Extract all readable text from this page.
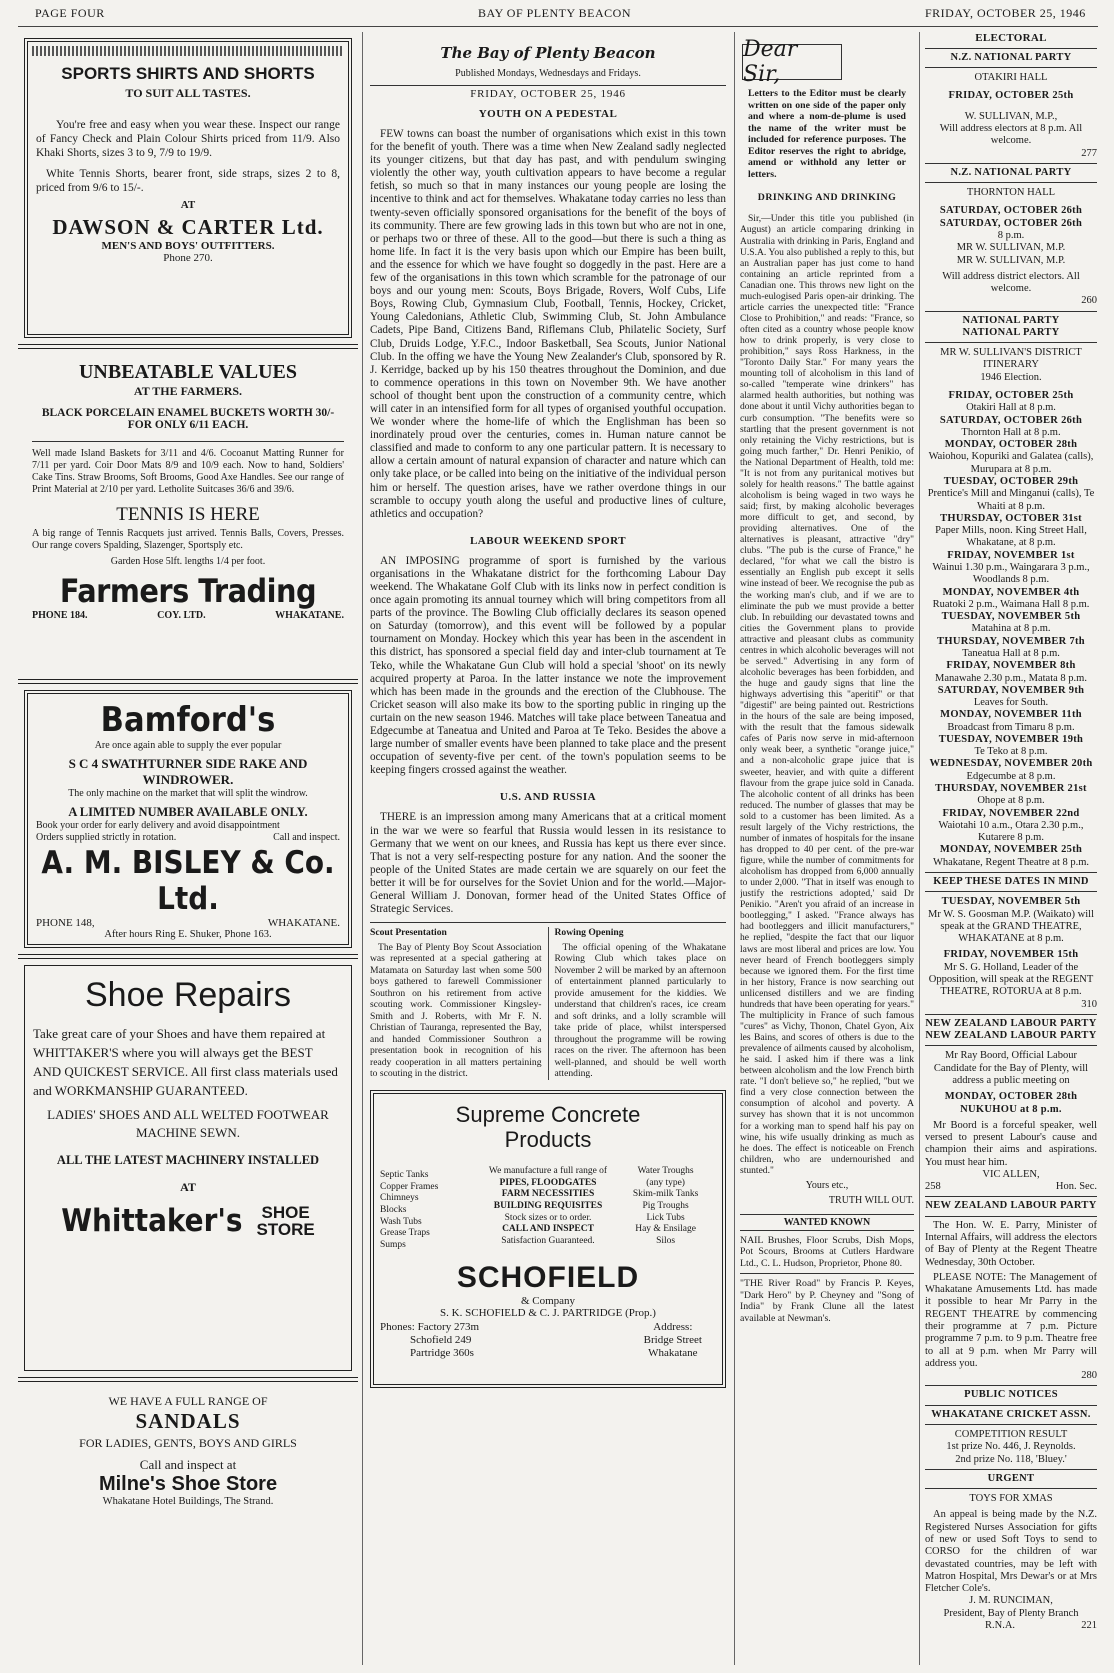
PAGE FOUR	BAY OF PLENTY BEACON	FRIDAY, OCTOBER 25, 1946
SPORTS SHIRTS AND SHORTS
TO SUIT ALL TASTES.
You're free and easy when you wear these. Inspect our range of Fancy Check and Plain Colour Shirts priced from 11/9. Also Khaki Shorts, sizes 3 to 9, 7/9 to 19/9.
White Tennis Shorts, bearer front, side straps, sizes 2 to 8, priced from 9/6 to 15/-.
AT
DAWSON & CARTER Ltd.
MEN'S AND BOYS' OUTFITTERS.
Phone 270.
UNBEATABLE VALUES
AT THE FARMERS.
BLACK PORCELAIN ENAMEL BUCKETS WORTH 30/- FOR ONLY 6/11 EACH.
Well made Island Baskets for 3/11 and 4/6. Cocoanut Matting Runner for 7/11 per yard. Coir Door Mats 8/9 and 10/9 each. Now to hand, Soldiers' Cake Tins. Straw Brooms, Soft Brooms, Good Axe Handles. See our range of Print Material at 2/10 per yard. Letholite Suitcases 36/6 and 39/6.
TENNIS IS HERE
A big range of Tennis Racquets just arrived. Tennis Balls, Covers, Presses. Our range covers Spalding, Slazenger, Sportsply etc.
Garden Hose 5lft. lengths 1/4 per foot.
Farmers Trading
PHONE 184.	COY. LTD.	WHAKATANE.
Bamford's
Are once again able to supply the ever popular
S C 4 SWATHTURNER SIDE RAKE AND WINDROWER.
The only machine on the market that will split the windrow.
A LIMITED NUMBER AVAILABLE ONLY.
Book your order for early delivery and avoid disappointment
Orders supplied strictly in rotation.	Call and inspect.
A. M. BISLEY & Co. Ltd.
PHONE 148,	WHAKATANE.
After hours Ring E. Shuker, Phone 163.
Shoe Repairs
Take great care of your Shoes and have them repaired at WHITTAKER'S where you will always get the BEST AND QUICKEST SERVICE. All first class materials used and WORKMANSHIP GUARANTEED.
LADIES' SHOES AND ALL WELTED FOOTWEAR MACHINE SEWN.
ALL THE LATEST MACHINERY INSTALLED
AT
Whittaker's SHOE
STORE
WE HAVE A FULL RANGE OF
SANDALS
FOR LADIES, GENTS, BOYS AND GIRLS
Call and inspect at
Milne's Shoe Store
Whakatane Hotel Buildings, The Strand.
The Bay of Plenty Beacon
Published Mondays, Wednesdays and Fridays.
FRIDAY, OCTOBER 25, 1946
YOUTH ON A PEDESTAL

FEW towns can boast the number of organisations which exist in this town for the benefit of youth. There was a time when New Zealand sadly neglected its younger citizens, but that day has past, and with pendulum swinging violently the other way, youth cultivation appears to have become a regular fetish, so much so that in many instances our young people are losing the incentive to think and act for themselves. Whakatane today carries no less than twenty-seven officially sponsored organisations for the benefit of the boys of its community. There are few growing lads in this town but who are not in one, or perhaps two or three of these. All to the good—but there is such a thing as home life. In fact it is the very basis upon which our Empire has been built, and the essence for which we have fought so doggedly in the past. Here are a few of the organisations in this town which scramble for the patronage of our boys and our young men: Scouts, Boys Brigade, Rovers, Wolf Cubs, Life Boys, Rowing Club, Gymnasium Club, Football, Tennis, Hockey, Cricket, Young Caledonians, Athletic Club, Swimming Club, St. John Ambulance Cadets, Pipe Band, Citizens Band, Riflemans Club, Philatelic Society, Surf Club, Druids Lodge, Y.F.C., Indoor Basketball, Sea Scouts, Junior National Club. In the offing we have the Young New Zealander's Club, sponsored by R. J. Kerridge, backed up by his 150 theatres throughout the Dominion, and due to commence operations in this town on November 9th. We have another school of thought bent upon the construction of a community centre, which will cater in an intensified form for all types of organised youthful occupation. We wonder where the home-life of which the Englishman has been so inordinately proud over the centuries, comes in. Human nature cannot be classified and made to conform to any one particular pattern. It is necessary to allow a certain amount of natural expansion of character and nature which can only take place, or be called into being on the initiative of the individual person him or herself. The question arises, have we rather overdone things in our scramble to occupy youth along the useful and productive lines of culture, athletics and occupation?

LABOUR WEEKEND SPORT

AN IMPOSING programme of sport is furnished by the various organisations in the Whakatane district for the forthcoming Labour Day weekend. The Whakatane Golf Club with its links now in perfect condition is once again promoting its annual tourney which will bring competitors from all parts of the province. The Bowling Club officially declares its season opened on Saturday (tomorrow), and this event will be followed by a popular tournament on Monday. Hockey which this year has been in the ascendent in this district, has sponsored a special field day and inter-club tournament at Te Teko, while the Whakatane Gun Club will hold a special 'shoot' on its newly acquired property at Paroa. In the latter instance we note the improvement which has been made in the grounds and the erection of the Clubhouse. The Cricket season will also make its bow to the sporting public in ringing up the curtain on the new season 1946. Matches will take place between Taneatua and Edgecumbe at Taneatua and United and Paroa at Te Teko. Besides the above a large number of smaller events have been planned to take place and the present occupation of seventy-five per cent. of the town's population seems to be keeping fingers crossed against the weather.

U.S. AND RUSSIA

THERE is an impression among many Americans that at a critical moment in the war we were so fearful that Russia would lessen in its resistance to Germany that we went on our knees, and Russia has kept us there ever since. That is not a very self-respecting posture for any nation. And the sooner the people of the United States are made certain we are squarely on our feet the better it will be for ourselves for the Soviet Union and for the world.—Major-General William J. Donovan, former head of the United States Office of Strategic Services.

Scout Presentation
The Bay of Plenty Boy Scout Association was represented at a special gathering at Matamata on Saturday last when some 500 boys gathered to farewell Commissioner Southron on his retirement from active scouting work. Commissioner Kingsley-Smith and J. Roberts, with Mr F. N. Christian of Tauranga, represented the Bay, and handed Commissioner Southron a presentation book in recognition of his ready cooperation in all matters pertaining to scouting in the district.
Rowing Opening
The official opening of the Whakatane Rowing Club which takes place on November 2 will be marked by an afternoon of entertainment planned particularly to provide amusement for the kiddies. We understand that children's races, ice cream and soft drinks, and a lolly scramble will take pride of place, whilst interspersed throughout the programme will be rowing races on the river. The afternoon has been well-planned, and should be well worth attending.
Supreme Concrete
Products
Septic Tanks
Copper Frames
Chimneys
Blocks
Wash Tubs
Grease Traps
Sumps
We manufacture a full range of
PIPES, FLOODGATES
FARM NECESSITIES
BUILDING REQUISITES
Stock sizes or to order.
CALL AND INSPECT
Satisfaction Guaranteed.
Water Troughs
(any type)
Skim-milk Tanks
Pig Troughs
Lick Tubs
Hay & Ensilage
Silos
SCHOFIELD
& Company
S. K. SCHOFIELD & C. J. PARTRIDGE (Prop.)
Phones: Factory 273m
Schofield 249
Partridge 360s
Address:
Bridge Street
Whakatane
Dear Sir,
Letters to the Editor must be clearly written on one side of the paper only and where a nom-de-plume is used the name of the writer must be included for reference purposes. The Editor reserves the right to abridge, amend or withhold any letter or letters.
DRINKING AND DRINKING
Sir,—Under this title you published (in August) an article comparing drinking in Australia with drinking in Paris, England and U.S.A. You also published a reply to this, but an Australian paper has just come to hand containing an article reprinted from a Canadian one. This throws new light on the much-eulogised Paris open-air drinking. The article carries the unexpected title: "France Close to Prohibition," and reads: "France, so often cited as a country whose people know how to drink properly, is very close to prohibition," says Ross Harkness, in the "Toronto Daily Star." For many years the mounting toll of alcoholism in this land of so-called "temperate wine drinkers" has alarmed health authorities, but nothing was done about it until Vichy authorities began to curb consumption. "The benefits were so startling that the present government is not only retaining the Vichy restrictions, but is going much farther," Dr. Henri Penikio, of the National Department of Health, told me: "It is not from any puritanical motives but solely for health reasons." The battle against alcoholism is being waged in two ways he said; first, by making alcoholic beverages more difficult to get, and second, by providing alternatives. One of the alternatives is pleasant, attractive "dry" clubs. "The pub is the curse of France," he declared, "for what we call the bistro is essentially an English pub except it sells wine instead of beer. We recognise the pub as the working man's club, and if we are to eliminate the pub we must provide a better club. In rebuilding our devastated towns and cities the Government plans to provide attractive and pleasant clubs as community centres in which alcoholic beverages will not be served." Advertising in any form of alcoholic beverages has been forbidden, and the huge and gaudy signs that line the highways advertising this "aperitif" or that "digestif" are being painted out. Restrictions in the hours of the sale are being imposed, with the result that the famous sidewalk cafes of Paris now serve in mid-afternoon only weak beer, a synthetic "orange juice," and a non-alcoholic grape juice that is sweeter, heavier, and with quite a different flavour from the grape juice sold in Canada. The alcoholic content of all drinks has been reduced. The number of glasses that may be sold to a customer has been limited. As a result largely of the Vichy restrictions, the number of inmates of hospitals for the insane has dropped to 40 per cent. of the pre-war figure, while the number of commitments for alcoholism has dropped from 6,000 annually to under 2,000. "That in itself was enough to justify the restrictions adopted,' said Dr Penikio. "Aren't you afraid of an increase in bootlegging," I asked. "France always has had bootleggers and illicit manufacturers," he replied, "despite the fact that our liquor laws are most liberal and prices are low. You never heard of French bootleggers simply because we ignored them. For the first time in her history, France is now searching out unlicensed distillers and we are finding hundreds that have been operating for years." The multiplicity in France of such famous "cures" as Vichy, Thonon, Chatel Gyon, Aix les Bains, and scores of others is due to the prevalence of ailments caused by alcoholism, he said. I asked him if there was a link between alcoholism and the low French birth rate. "I don't believe so," he replied, "but we find a very close connection between the consumption of alcohol and poverty. A survey has shown that it is not uncommon for a working man to spend half his pay on wine, his wife usually drinking as much as he does. The effect is noticeable on French children, who are undernourished and stunted."
Yours etc.,
TRUTH WILL OUT.
WANTED KNOWN
NAIL Brushes, Floor Scrubs, Dish Mops, Pot Scours, Brooms at Cutlers Hardware Ltd., C. L. Hudson, Proprietor, Phone 80.
"THE River Road" by Francis P. Keyes, "Dark Hero" by P. Cheyney and "Song of India" by Frank Clune all the latest available at Newman's.
ELECTORAL
N.Z. NATIONAL PARTY
OTAKIRI HALL
FRIDAY, OCTOBER 25th
W. SULLIVAN, M.P.,
Will address electors at 8 p.m. All welcome.
277
N.Z. NATIONAL PARTY
THORNTON HALL
SATURDAY, OCTOBER 26th
SATURDAY, OCTOBER 26th
8 p.m.
MR W. SULLIVAN, M.P.
MR W. SULLIVAN, M.P.
Will address district electors. All welcome.
260
NATIONAL PARTY
NATIONAL PARTY
MR W. SULLIVAN'S DISTRICT ITINERARY
1946 Election.
FRIDAY, OCTOBER 25th
Otakiri Hall at 8 p.m.
SATURDAY, OCTOBER 26th
Thornton Hall at 8 p.m.
MONDAY, OCTOBER 28th
Waiohou, Kopuriki and Galatea (calls), Murupara at 8 p.m.
TUESDAY, OCTOBER 29th
Prentice's Mill and Minganui (calls), Te Whaiti at 8 p.m.
THURSDAY, OCTOBER 31st
Paper Mills, noon. King Street Hall, Whakatane, at 8 p.m.
FRIDAY, NOVEMBER 1st
Wainui 1.30 p.m., Waingarara 3 p.m., Woodlands 8 p.m.
MONDAY, NOVEMBER 4th
Ruatoki 2 p.m., Waimana Hall 8 p.m.
TUESDAY, NOVEMBER 5th
Matahina at 8 p.m.
THURSDAY, NOVEMBER 7th
Taneatua Hall at 8 p.m.
FRIDAY, NOVEMBER 8th
Manawahe 2.30 p.m., Matata 8 p.m.
SATURDAY, NOVEMBER 9th
Leaves for South.
MONDAY, NOVEMBER 11th
Broadcast from Timaru 8 p.m.
TUESDAY, NOVEMBER 19th
Te Teko at 8 p.m.
WEDNESDAY, NOVEMBER 20th
Edgecumbe at 8 p.m.
THURSDAY, NOVEMBER 21st
Ohope at 8 p.m.
FRIDAY, NOVEMBER 22nd
Waiotahi 10 a.m., Otara 2.30 p.m., Kutarere 8 p.m.
MONDAY, NOVEMBER 25th
Whakatane, Regent Theatre at 8 p.m.
KEEP THESE DATES IN MIND
TUESDAY, NOVEMBER 5th
Mr W. S. Goosman M.P. (Waikato) will speak at the GRAND THEATRE, WHAKATANE at 8 p.m.
FRIDAY, NOVEMBER 15th
Mr S. G. Holland, Leader of the Opposition, will speak at the REGENT THEATRE, ROTORUA at 8 p.m.
310
NEW ZEALAND LABOUR PARTY
NEW ZEALAND LABOUR PARTY
Mr Ray Boord, Official Labour Candidate for the Bay of Plenty, will address a public meeting on
MONDAY, OCTOBER 28th
NUKUHOU at 8 p.m.
Mr Boord is a forceful speaker, well versed to present Labour's cause and champion their aims and aspirations. You must hear him.
VIC ALLEN,
258	Hon. Sec.
NEW ZEALAND LABOUR PARTY
The Hon. W. E. Parry, Minister of Internal Affairs, will address the electors of Bay of Plenty at the Regent Theatre Wednesday, 30th October.
PLEASE NOTE: The Management of Whakatane Amusements Ltd. has made it possible to hear Mr Parry in the REGENT THEATRE by commencing their programme at 7 p.m. Picture programme 7 p.m. to 9 p.m. Theatre free to all at 9 p.m. when Mr Parry will address you.
280
PUBLIC NOTICES
WHAKATANE CRICKET ASSN.
COMPETITION RESULT
1st prize No. 446, J. Reynolds.
2nd prize No. 118, 'Bluey.'
URGENT
TOYS FOR XMAS
An appeal is being made by the N.Z. Registered Nurses Association for gifts of new or used Soft Toys to send to CORSO for the children of war devastated countries, may be left with Matron Hospital, Mrs Dewar's or at Mrs Fletcher Cole's.
J. M. RUNCIMAN,
President, Bay of Plenty Branch
R.N.A.	221
